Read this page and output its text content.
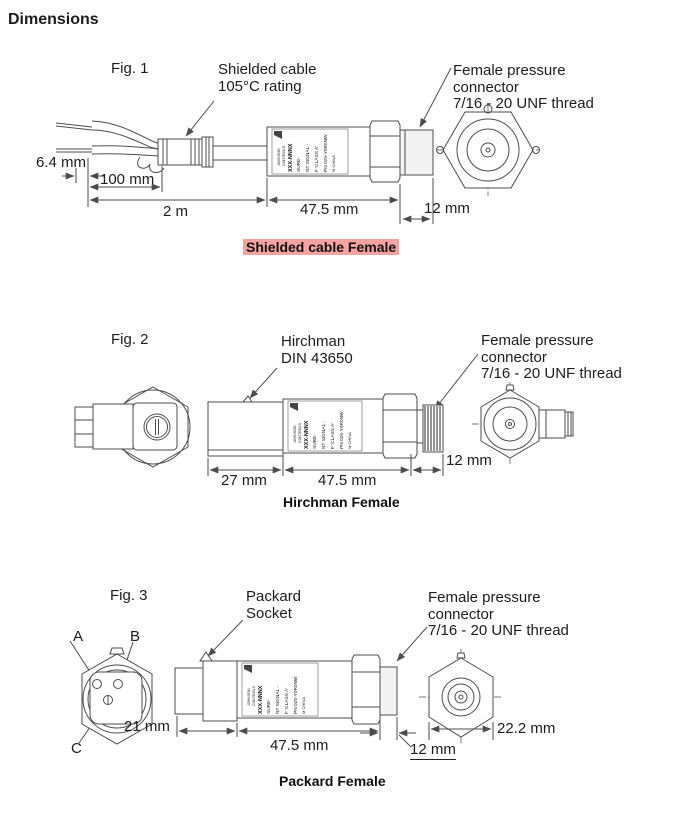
Dimensions
JOHNSON CONTROLS XXX-NNNX SURE- NT SIGNAL - F 'CLASS A' PN 025-Y0R0NW M CHINA
JOHNSON CONTROLS XXX-NNNX SURE- NT SIGNAL - F 'CLASS A' PN 025-Y0R0NW M CHINA
JOHNSON CONTROLS XXX-NNNX SURE- NT SIGNAL - F 'CLASS A' PN 025-Y0R0NW M CHINA
Fig. 1	Shielded cable
105°C rating
Female pressure
connector
7/16 - 20 UNF thread
6.4 mm
100 mm
2 m	47.5 mm	12 mm
Shielded cable Female
Fig. 2	Hirchman
DIN 43650
Female pressure
connector
7/16 - 20 UNF thread
27 mm	47.5 mm
12 mm
Hirchman Female
Fig. 3	Packard
Socket
Female pressure
connector
7/16 - 20 UNF thread
A	B
C
21 mm
47.5 mm	12 mm
22.2 mm
Packard Female
